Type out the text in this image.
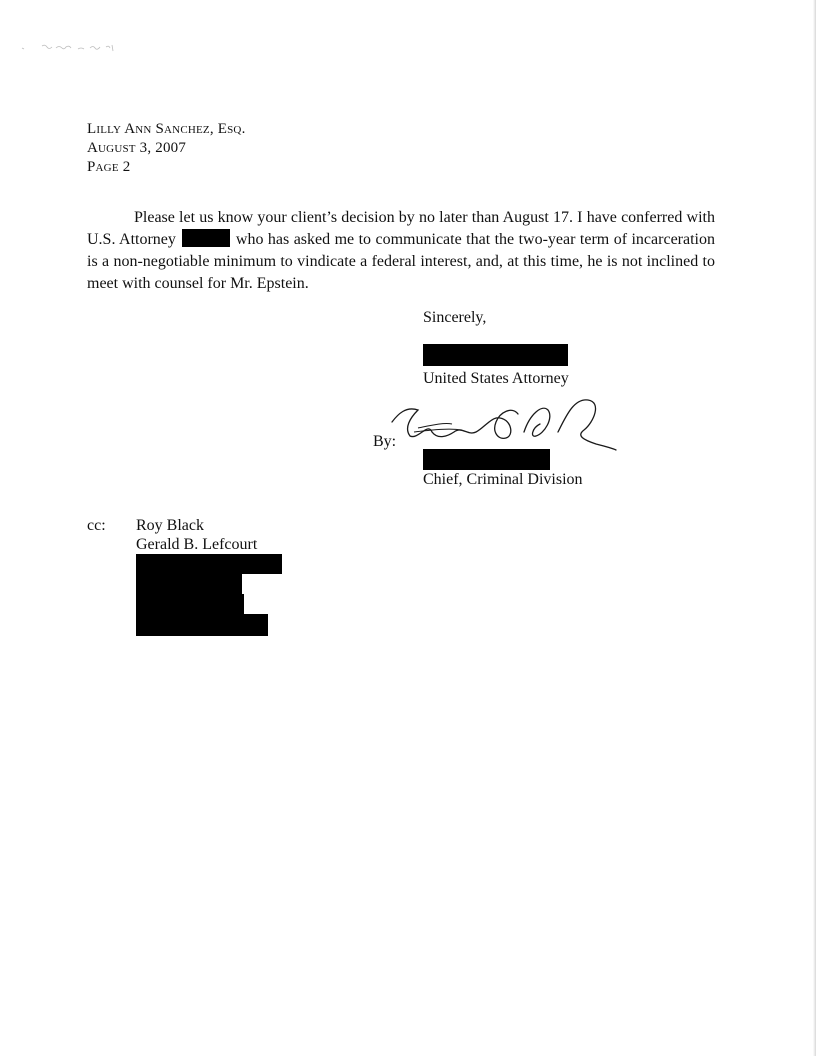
Lilly Ann Sanchez, Esq.
August 3, 2007
Page 2

Please let us know your client’s decision by no later than August 17. I have conferred with U.S. Attorney	who has asked me to communicate that the two-year term of incarceration is a non-negotiable minimum to vindicate a federal interest, and, at this time, he is not inclined to meet with counsel for Mr. Epstein.

Sincerely,
United States Attorney
By:
Chief, Criminal Division
cc: Roy Black
Gerald B. Lefcourt
